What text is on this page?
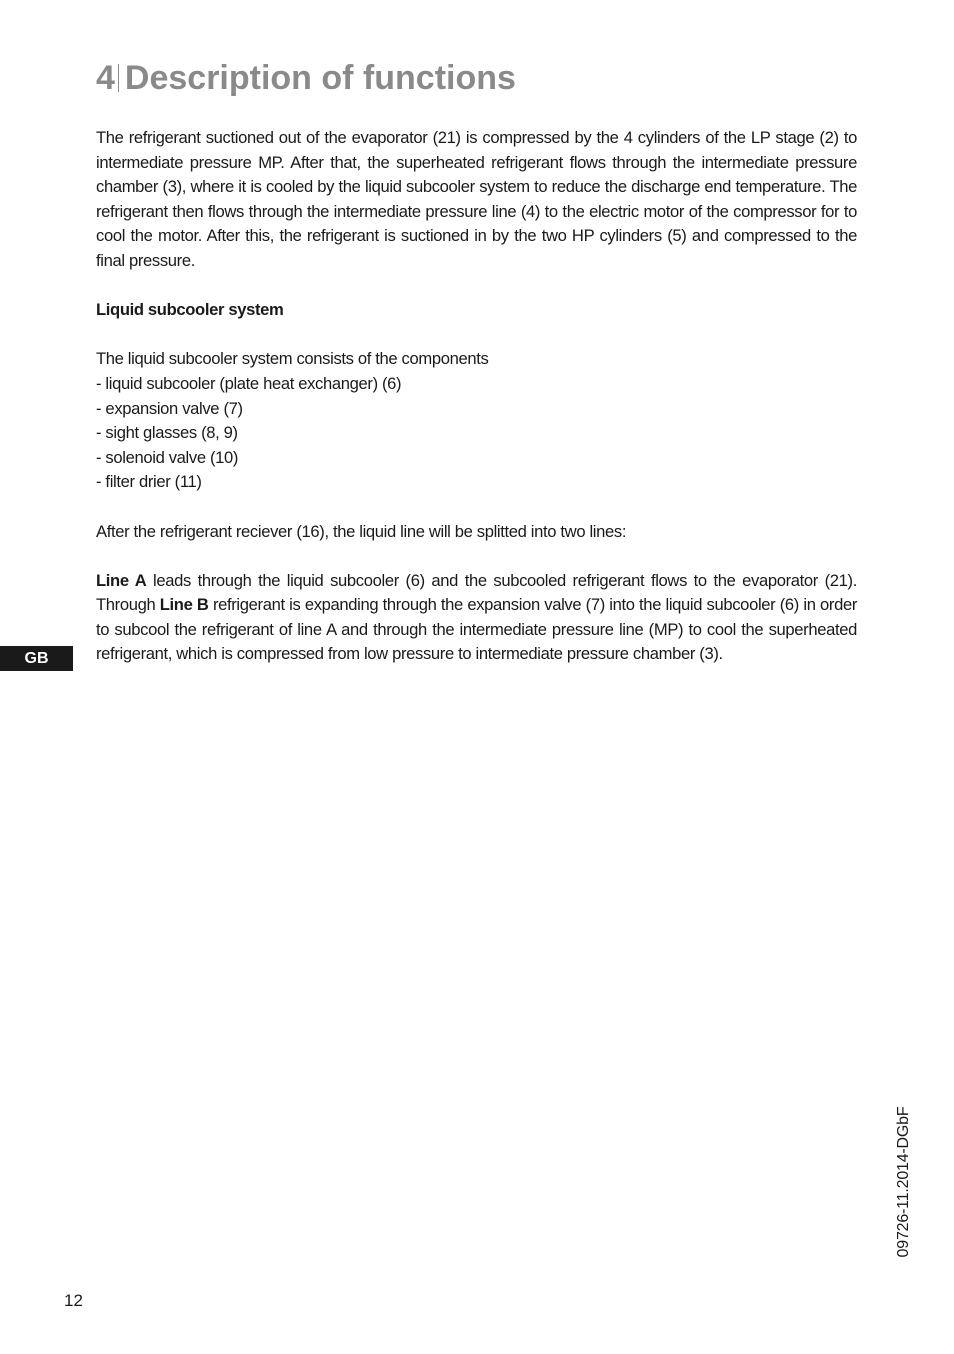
4 Description of functions

The refrigerant suctioned out of the evaporator (21) is compressed by the 4 cylinders of the LP stage (2) to intermediate pressure MP. After that, the superheated refrigerant flows through the intermediate pressure chamber (3), where it is cooled by the liquid subcooler system to reduce the discharge end temperature. The refrigerant then flows through the intermediate pressure line (4) to the electric motor of the compressor for to cool the motor. After this, the refrigerant is suctioned in by the two HP cylinders (5) and compressed to the final pressure.

Liquid subcooler system

The liquid subcooler system consists of the components

- liquid subcooler (plate heat exchanger) (6)
- expansion valve (7)
- sight glasses (8, 9)
- solenoid valve (10)
- filter drier (11)

After the refrigerant reciever (16), the liquid line will be splitted into two lines:

Line A leads through the liquid subcooler (6) and the subcooled refrigerant flows to the evaporator (21). Through Line B refrigerant is expanding through the expansion valve (7) into the liquid subcooler (6) in order to subcool the refrigerant of line A and through the intermediate pressure line (MP) to cool the superheated refrigerant, which is compressed from low pressure to intermediate pressure chamber (3).

GB
12
09726-11.2014-DGbF
